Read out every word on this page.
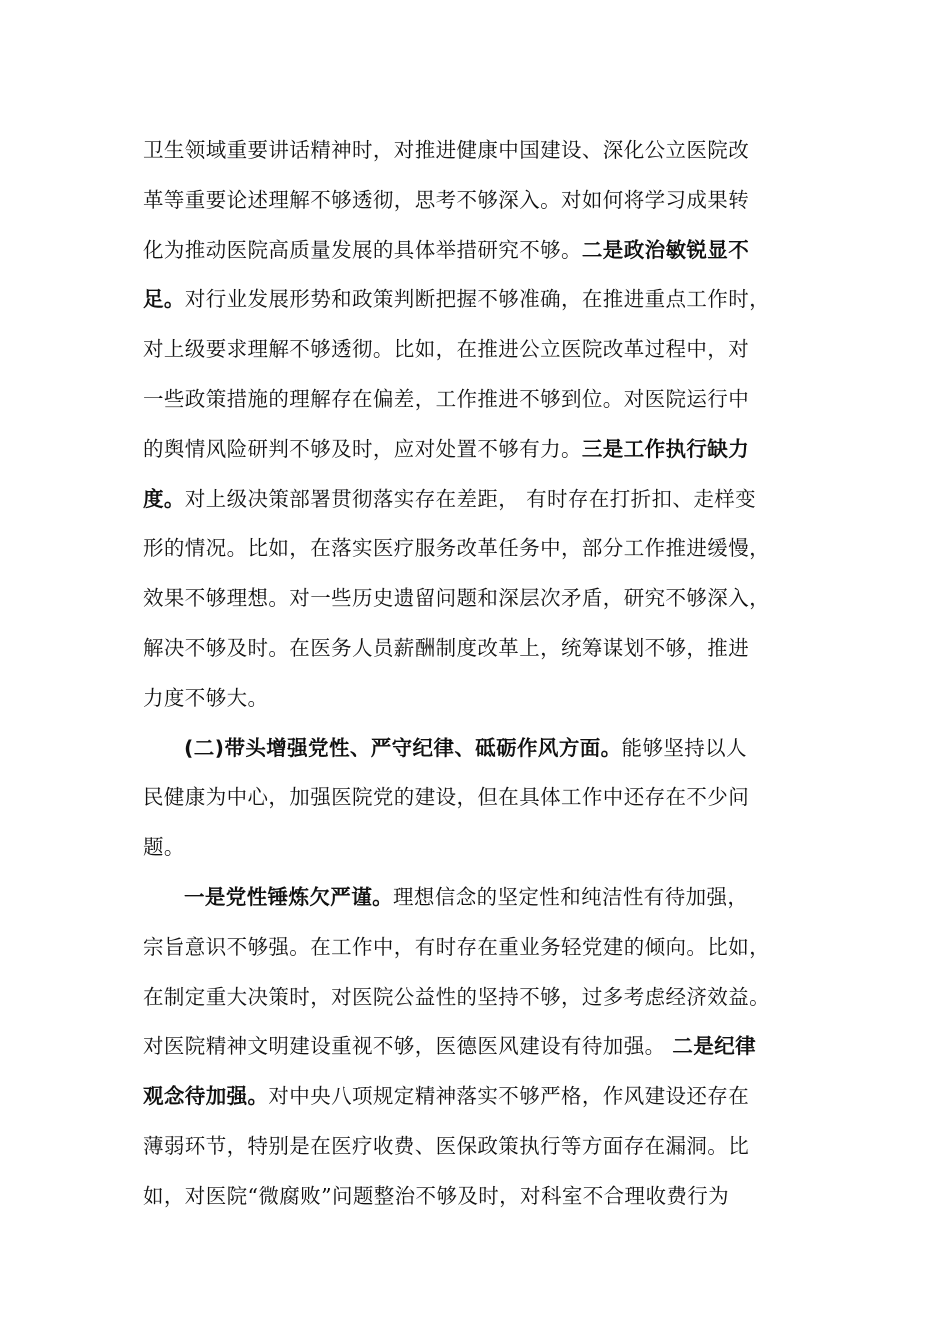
卫生领域重要讲话精神时，对推进健康中国建设、深化公立医院改
革等重要论述理解不够透彻，思考不够深入。对如何将学习成果转
化为推动医院高质量发展的具体举措研究不够。二是政治敏锐显不
足。对行业发展形势和政策判断把握不够准确，在推进重点工作时，
对上级要求理解不够透彻。比如，在推进公立医院改革过程中，对
一些政策措施的理解存在偏差，工作推进不够到位。对医院运行中
的舆情风险研判不够及时，应对处置不够有力。三是工作执行缺力
度。对上级决策部署贯彻落实存在差距， 有时存在打折扣、走样变
形的情况。比如，在落实医疗服务改革任务中，部分工作推进缓慢，
效果不够理想。对一些历史遗留问题和深层次矛盾，研究不够深入，
解决不够及时。在医务人员薪酬制度改革上，统筹谋划不够，推进
力度不够大。
(二)带头增强党性、严守纪律、砥砺作风方面。能够坚持以人
民健康为中心，加强医院党的建设，但在具体工作中还存在不少问
题。
一是党性锤炼欠严谨。理想信念的坚定性和纯洁性有待加强，
宗旨意识不够强。在工作中，有时存在重业务轻党建的倾向。比如，
在制定重大决策时，对医院公益性的坚持不够，过多考虑经济效益。
对医院精神文明建设重视不够，医德医风建设有待加强。 二是纪律
观念待加强。对中央八项规定精神落实不够严格，作风建设还存在
薄弱环节，特别是在医疗收费、医保政策执行等方面存在漏洞。比
如，对医院“微腐败”问题整治不够及时，对科室不合理收费行为
